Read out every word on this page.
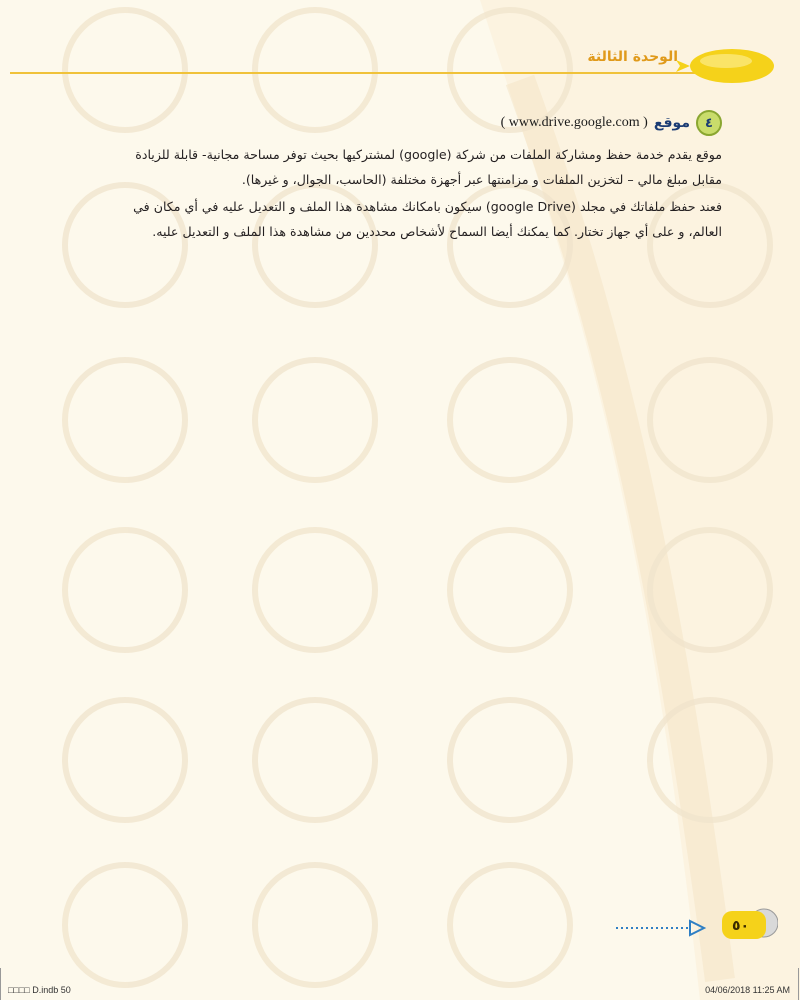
الوحدة الثالثة
٤
موقع
( www.drive.google.com )

موقع يقدم خدمة حفظ ومشاركة الملفات من شركة (google) لمشتركيها بحيث توفر مساحة مجانية- قابلة للزيادة مقابل مبلغ مالي – لتخزين الملفات و مزامنتها عبر أجهزة مختلفة (الحاسب، الجوال، و غيرها).

فعند حفظ ملفاتك في مجلد (google Drive) سيكون بامكانك مشاهدة هذا الملف و التعديل عليه في أي مكان في العالم، و على أي جهاز تختار. كما يمكنك أيضا السماح لأشخاص محددين من مشاهدة هذا الملف و التعديل عليه.

٥٠
□□□□ D.indb 50	04/06/2018 11:25 AM
